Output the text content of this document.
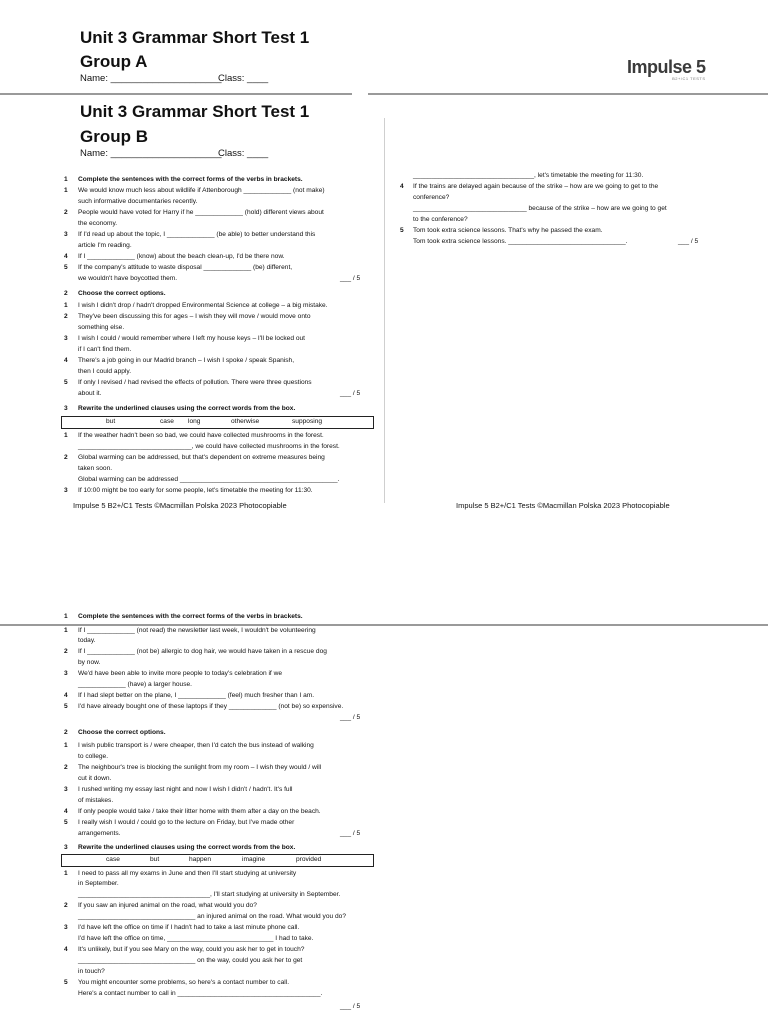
Unit 3 Grammar Short Test 1
Group A
Name: _____________________
Class: ____
Impulse 5
B2+/C1 TESTS
Unit 3 Grammar Short Test 1
Group B
Name: _____________________
Class: ____
1 Complete the sentences with the correct forms of the verbs in brackets.
1 We would know much less about wildlife if Attenborough _____________ (not make)
such informative documentaries recently.
2 People would have voted for Harry if he _____________ (hold) different views about
the economy.
3 If I'd read up about the topic, I _____________ (be able) to better understand this
article I'm reading.
4 If I _____________ (know) about the beach clean-up, I'd be there now.
5 If the company's attitude to waste disposal _____________ (be) different,
we wouldn't have boycotted them.	___ / 5
2 Choose the correct options.
1 I wish I didn't drop / hadn't dropped Environmental Science at college – a big mistake.
2 They've been discussing this for ages – I wish they will move / would move onto
something else.
3 I wish I could / would remember where I left my house keys – I'll be locked out
if I can't find them.
4 There's a job going in our Madrid branch – I wish I spoke / speak Spanish,
then I could apply.
5 If only I revised / had revised the effects of pollution. There were three questions
about it.	___ / 5
3 Rewrite the underlined clauses using the correct words from the box.
but	case long	otherwise	supposing
1 If the weather hadn't been so bad, we could have collected mushrooms in the forest.
_______________________________, we could have collected mushrooms in the forest.
2 Global warming can be addressed, but that's dependent on extreme measures being
taken soon.
Global warming can be addressed ___________________________________________.
3 If 10:00 might be too early for some people, let's timetable the meeting for 11:30.
_________________________________, let's timetable the meeting for 11:30.
4 If the trains are delayed again because of the strike – how are we going to get to the
conference?
_______________________________ because of the strike – how are we going to get
to the conference?
5 Tom took extra science lessons. That's why he passed the exam.
Tom took extra science lessons. ________________________________.	___ / 5
Impulse 5 B2+/C1 Tests ©Macmillan Polska 2023 Photocopiable	Impulse 5 B2+/C1 Tests ©Macmillan Polska 2023 Photocopiable
1 Complete the sentences with the correct forms of the verbs in brackets.
1 If I _____________ (not read) the newsletter last week, I wouldn't be volunteering
today.
2 If I _____________ (not be) allergic to dog hair, we would have taken in a rescue dog
by now.
3 We'd have been able to invite more people to today's celebration if we
_____________ (have) a larger house.
4 If I had slept better on the plane, I _____________ (feel) much fresher than I am.
5 I'd have already bought one of these laptops if they _____________ (not be) so expensive.
___ / 5
2 Choose the correct options.
1 I wish public transport is / were cheaper, then I'd catch the bus instead of walking
to college.
2 The neighbour's tree is blocking the sunlight from my room – I wish they would / will
cut it down.
3 I rushed writing my essay last night and now I wish I didn't / hadn't. It's full
of mistakes.
4 If only people would take / take their litter home with them after a day on the beach.
5 I really wish I would / could go to the lecture on Friday, but I've made other
arrangements.	___ / 5
3 Rewrite the underlined clauses using the correct words from the box.
case	but	happen	imagine	provided
1 I need to pass all my exams in June and then I'll start studying at university
in September.
____________________________________, I'll start studying at university in September.
2 If you saw an injured animal on the road, what would you do?
________________________________ an injured animal on the road. What would you do?
3 I'd have left the office on time if I hadn't had to take a last minute phone call.
I'd have left the office on time, _____________________________ I had to take.
4 It's unlikely, but if you see Mary on the way, could you ask her to get in touch?
________________________________ on the way, could you ask her to get
in touch?
5 You might encounter some problems, so here's a contact number to call.
Here's a contact number to call in _______________________________________.
___ / 5
